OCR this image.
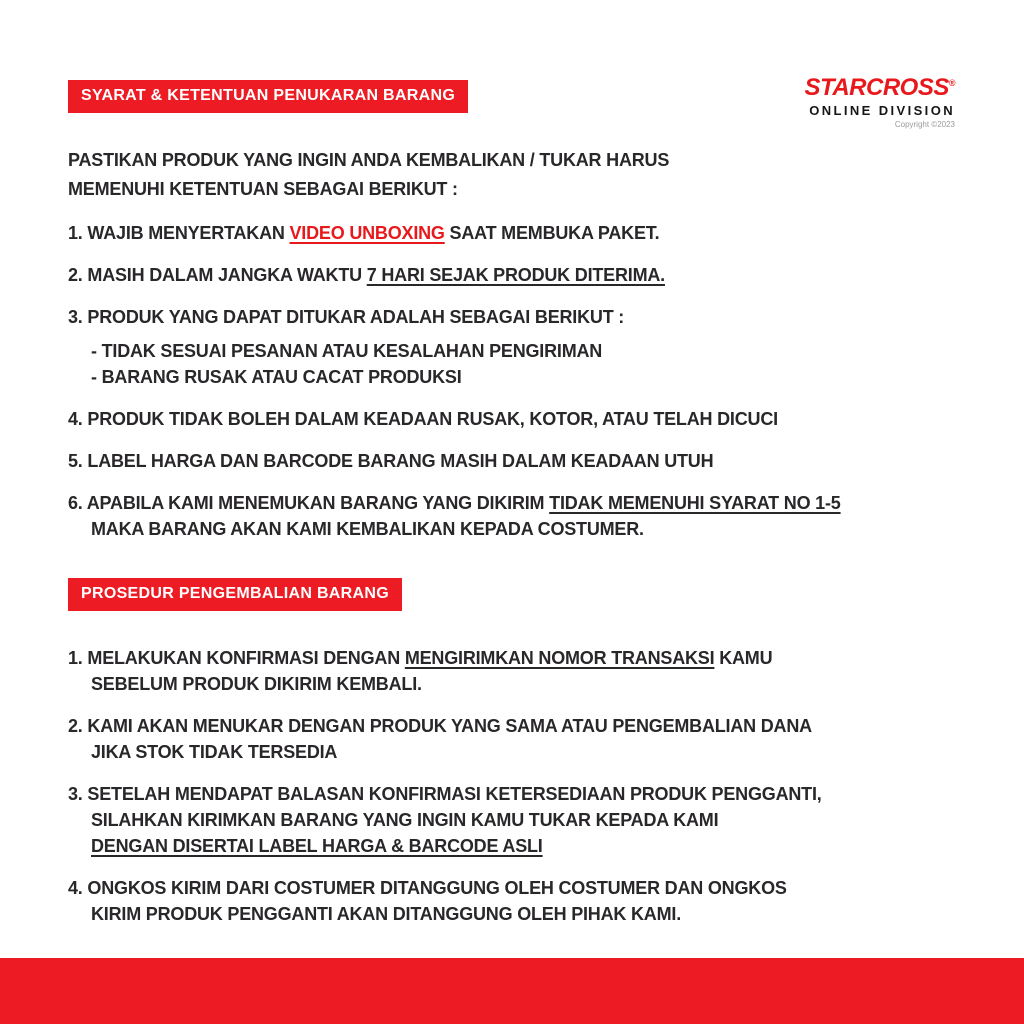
STARCROSS®
ONLINE DIVISION
Copyright ©2023
SYARAT & KETENTUAN PENUKARAN BARANG
PASTIKAN PRODUK YANG INGIN ANDA KEMBALIKAN / TUKAR HARUS
MEMENUHI KETENTUAN SEBAGAI BERIKUT :
1. WAJIB MENYERTAKAN VIDEO UNBOXING SAAT MEMBUKA PAKET.
2. MASIH DALAM JANGKA WAKTU 7 HARI SEJAK PRODUK DITERIMA.
3. PRODUK YANG DAPAT DITUKAR ADALAH SEBAGAI BERIKUT :
- TIDAK SESUAI PESANAN ATAU KESALAHAN PENGIRIMAN
- BARANG RUSAK ATAU CACAT PRODUKSI
4. PRODUK TIDAK BOLEH DALAM KEADAAN RUSAK, KOTOR, ATAU TELAH DICUCI
5. LABEL HARGA DAN BARCODE BARANG MASIH DALAM KEADAAN UTUH
6. APABILA KAMI MENEMUKAN BARANG YANG DIKIRIM TIDAK MEMENUHI SYARAT NO 1-5
MAKA BARANG AKAN KAMI KEMBALIKAN KEPADA COSTUMER.
PROSEDUR PENGEMBALIAN BARANG
1. MELAKUKAN KONFIRMASI DENGAN MENGIRIMKAN NOMOR TRANSAKSI KAMU
SEBELUM PRODUK DIKIRIM KEMBALI.
2. KAMI AKAN MENUKAR DENGAN PRODUK YANG SAMA ATAU PENGEMBALIAN DANA
JIKA STOK TIDAK TERSEDIA
3. SETELAH MENDAPAT BALASAN KONFIRMASI KETERSEDIAAN PRODUK PENGGANTI,
SILAHKAN KIRIMKAN BARANG YANG INGIN KAMU TUKAR KEPADA KAMI
DENGAN DISERTAI LABEL HARGA & BARCODE ASLI
4. ONGKOS KIRIM DARI COSTUMER DITANGGUNG OLEH COSTUMER DAN ONGKOS
KIRIM PRODUK PENGGANTI AKAN DITANGGUNG OLEH PIHAK KAMI.
